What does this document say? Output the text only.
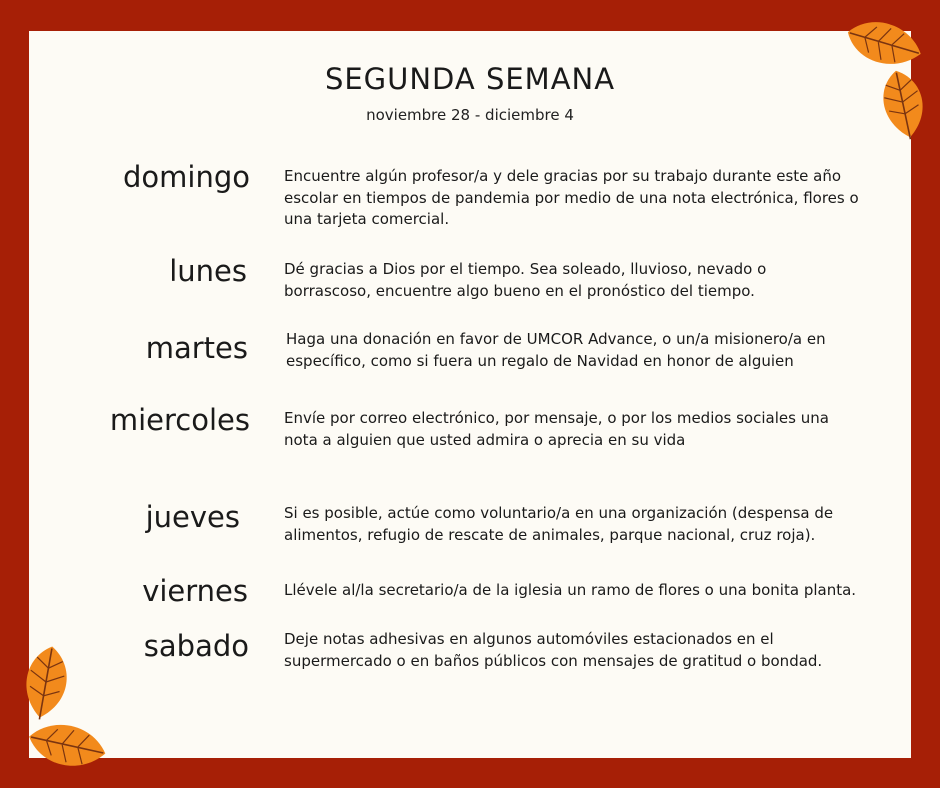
SEGUNDA SEMANA

noviembre 28 - diciembre 4

domingo Encuentre algún profesor/a y dele gracias por su trabajo durante este año escolar en tiempos de pandemia por medio de una nota electrónica, flores o una tarjeta comercial.
lunes Dé gracias a Dios por el tiempo. Sea soleado, lluvioso, nevado o borrascoso, encuentre algo bueno en el pronóstico del tiempo.
martes	Haga una donación en favor de UMCOR Advance, o un/a misionero/a en específico, como si fuera un regalo de Navidad en honor de alguien
miercoles Envíe por correo electrónico, por mensaje, o por los medios sociales una nota a alguien que usted admira o aprecia en su vida
jueves	Si es posible, actúe como voluntario/a en una organización (despensa de alimentos, refugio de rescate de animales, parque nacional, cruz roja).
viernes Llévele al/la secretario/a de la iglesia un ramo de flores o una bonita planta.
sabado Deje notas adhesivas en algunos automóviles estacionados en el supermercado o en baños públicos con mensajes de gratitud o bondad.
